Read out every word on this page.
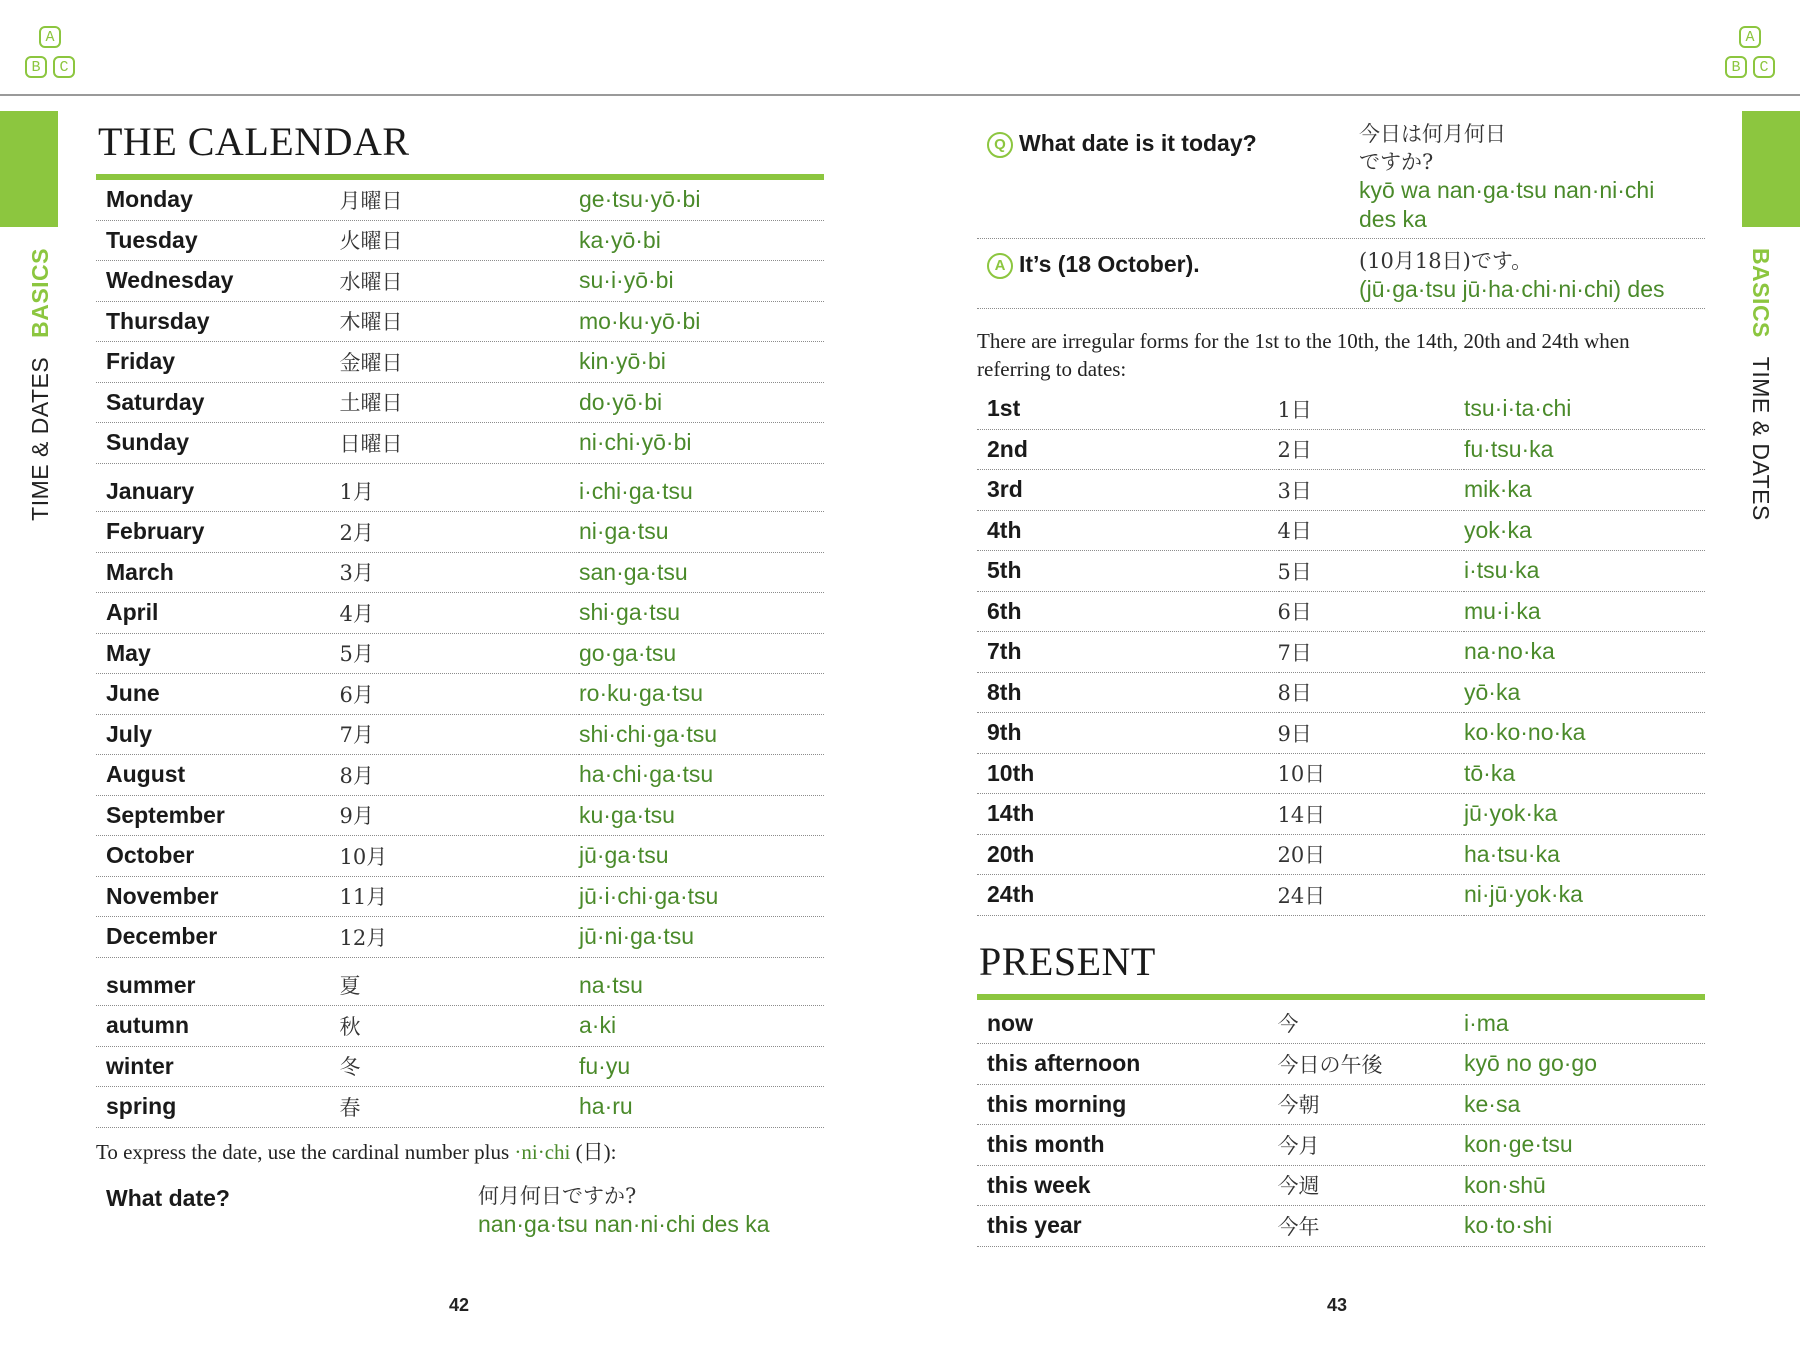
A
B	C
A
B	C
TIME & DATES BASICS	BASICS TIME & DATES
THE CALENDAR
Monday	月曜日	ge·tsu·yō·bi
Tuesday	火曜日	ka·yō·bi
Wednesday	水曜日	su·i·yō·bi
Thursday	木曜日	mo·ku·yō·bi
Friday	金曜日	kin·yō·bi
Saturday	土曜日	do·yō·bi
Sunday	日曜日	ni·chi·yō·bi

January	1月	i·chi·ga·tsu
February	2月	ni·ga·tsu
March	3月	san·ga·tsu
April	4月	shi·ga·tsu
May	5月	go·ga·tsu
June	6月	ro·ku·ga·tsu
July	7月	shi·chi·ga·tsu
August	8月	ha·chi·ga·tsu
September	9月	ku·ga·tsu
October	10月	jū·ga·tsu
November	11月	jū·i·chi·ga·tsu
December	12月	jū·ni·ga·tsu

summer	夏	na·tsu
autumn	秋	a·ki
winter	冬	fu·yu
spring	春	ha·ru
To express the date, use the cardinal number plus ·ni·chi (日):
What date?	何月何日ですか?
nan·ga·tsu nan·ni·chi des ka
Q What date is it today?	今日は何月何日
ですか?
kyō wa nan·ga·tsu nan·ni·chi
des ka
A It’s (18 October).	(10月18日)です。
(jū·ga·tsu jū·ha·chi·ni·chi) des
There are irregular forms for the 1st to the 10th, the 14th, 20th and 24th when referring to dates:
1st	1日	tsu·i·ta·chi
2nd	2日	fu·tsu·ka
3rd	3日	mik·ka
4th	4日	yok·ka
5th	5日	i·tsu·ka
6th	6日	mu·i·ka
7th	7日	na·no·ka
8th	8日	yō·ka
9th	9日	ko·ko·no·ka
10th	10日	tō·ka
14th	14日	jū·yok·ka
20th	20日	ha·tsu·ka
24th	24日	ni·jū·yok·ka
PRESENT
now	今	i·ma
this afternoon	今日の午後	kyō no go·go
this morning	今朝	ke·sa
this month	今月	kon·ge·tsu
this week	今週	kon·shū
this year	今年	ko·to·shi
42	43
